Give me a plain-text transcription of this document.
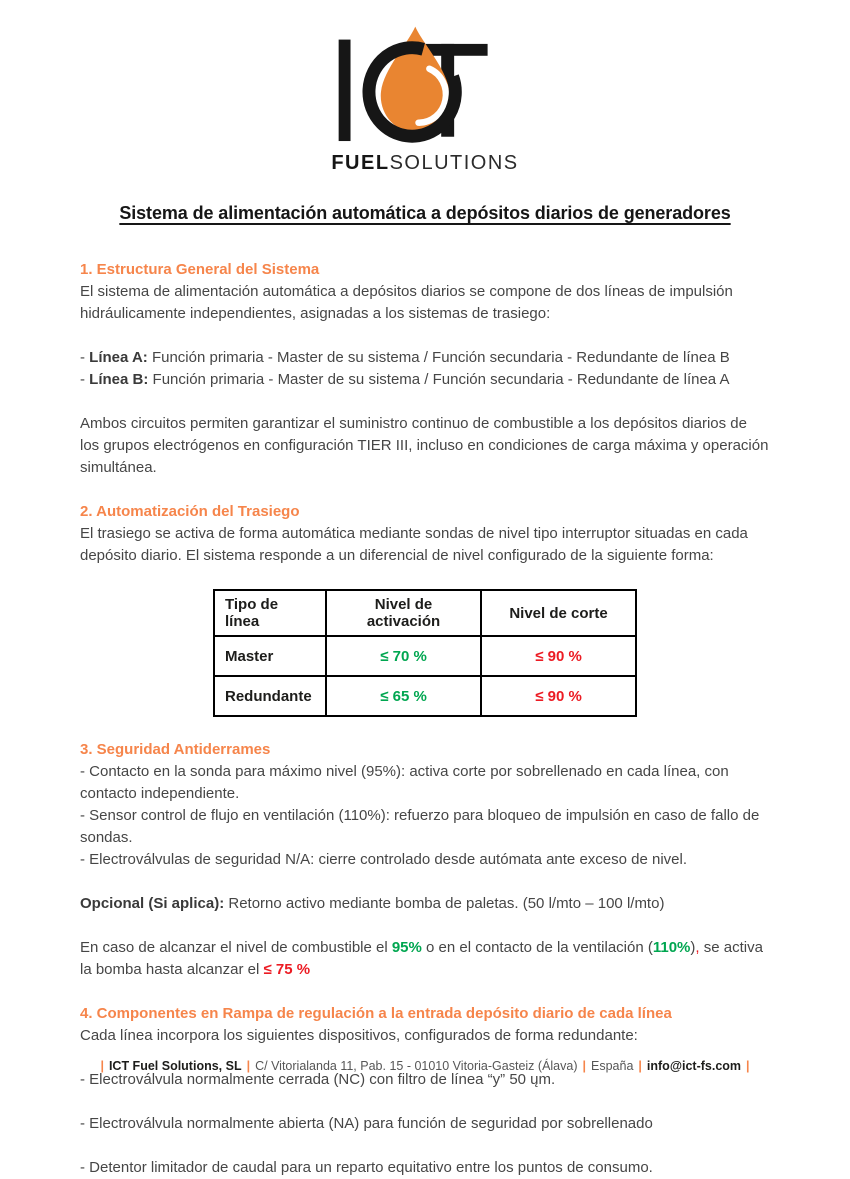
FUELSOLUTIONS
Sistema de alimentación automática a depósitos diarios de generadores
1. Estructura General del Sistema

El sistema de alimentación automática a depósitos diarios se compone de dos líneas de impulsión hidráulicamente independientes, asignadas a los sistemas de trasiego:

- Línea A: Función primaria - Master de su sistema / Función secundaria - Redundante de línea B
- Línea B: Función primaria - Master de su sistema / Función secundaria - Redundante de línea A

Ambos circuitos permiten garantizar el suministro continuo de combustible a los depósitos diarios de los grupos electrógenos en configuración TIER III, incluso en condiciones de carga máxima y operación simultánea.

2. Automatización del Trasiego

El trasiego se activa de forma automática mediante sondas de nivel tipo interruptor situadas en cada depósito diario. El sistema responde a un diferencial de nivel configurado de la siguiente forma:

Tipo de línea	Nivel de activación	Nivel de corte
Master	≤ 70 %	≤ 90 %
Redundante	≤ 65 %	≤ 90 %
3. Seguridad Antiderrames

- Contacto en la sonda para máximo nivel (95%): activa corte por sobrellenado en cada línea, con contacto independiente.
- Sensor control de flujo en ventilación (110%): refuerzo para bloqueo de impulsión en caso de fallo de sondas.
- Electroválvulas de seguridad N/A: cierre controlado desde autómata ante exceso de nivel.

Opcional (Si aplica): Retorno activo mediante bomba de paletas. (50 l/mto – 100 l/mto)

En caso de alcanzar el nivel de combustible el 95% o en el contacto de la ventilación (110%), se activa la bomba hasta alcanzar el ≤ 75 %

4. Componentes en Rampa de regulación a la entrada depósito diario de cada línea

Cada línea incorpora los siguientes dispositivos, configurados de forma redundante:

- Electroválvula normalmente cerrada (NC) con filtro de línea “y” 50 ųm.

- Electroválvula normalmente abierta (NA) para función de seguridad por sobrellenado

- Detentor limitador de caudal para un reparto equitativo entre los puntos de consumo.

| ICT Fuel Solutions, SL | C/ Vitorialanda 11, Pab. 15 - 01010 Vitoria-Gasteiz (Álava) | España | info@ict-fs.com |
